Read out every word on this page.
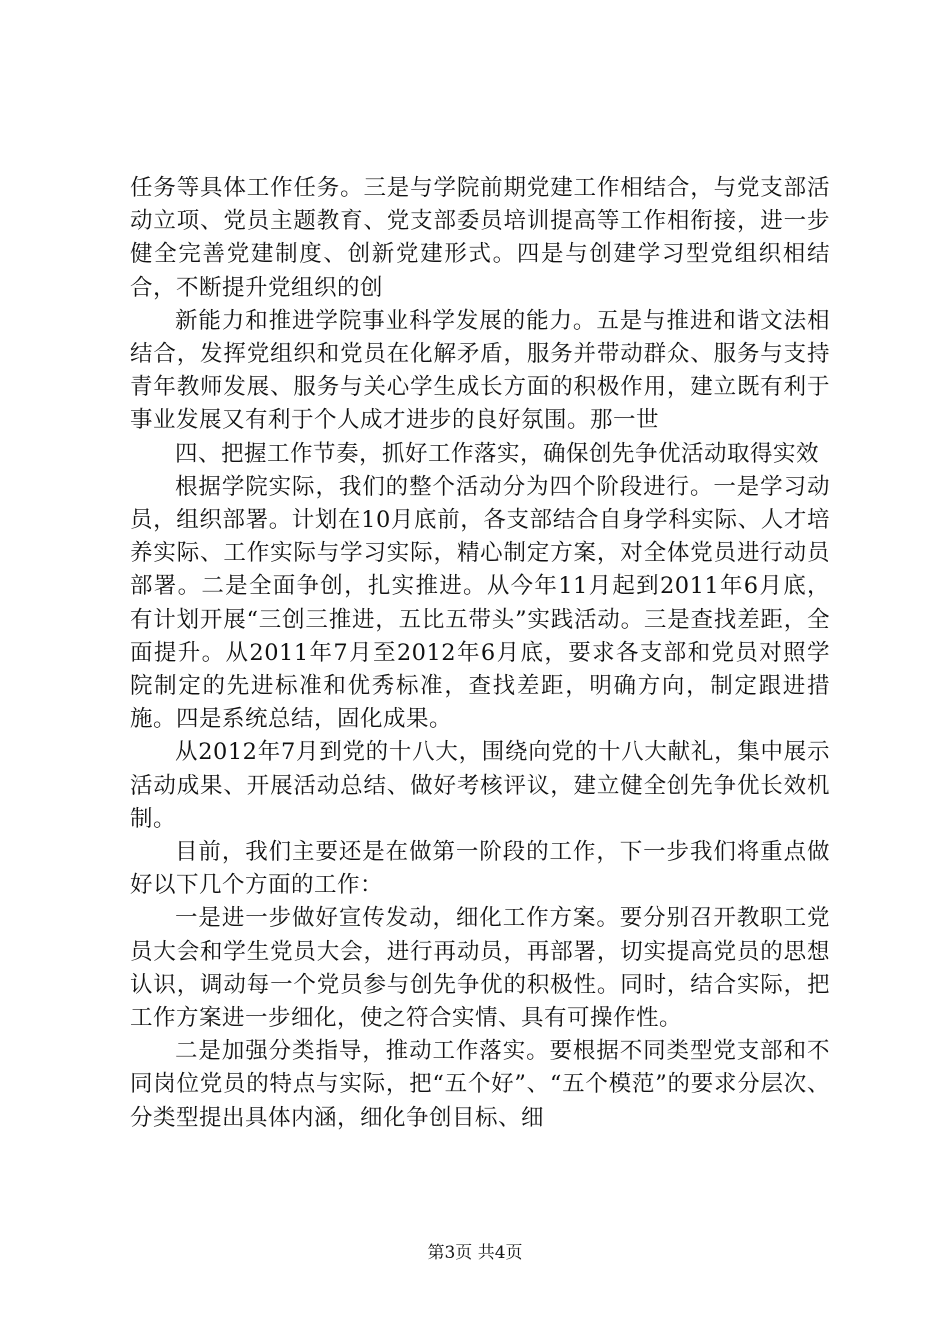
任务等具体工作任务。三是与学院前期党建工作相结合，与党支部活动立项、党员主题教育、党支部委员培训提高等工作相衔接，进一步健全完善党建制度、创新党建形式。四是与创建学习型党组织相结合，不断提升党组织的创

新能力和推进学院事业科学发展的能力。五是与推进和谐文法相结合，发挥党组织和党员在化解矛盾，服务并带动群众、服务与支持青年教师发展、服务与关心学生成长方面的积极作用，建立既有利于事业发展又有利于个人成才进步的良好氛围。那一世

四、把握工作节奏，抓好工作落实，确保创先争优活动取得实效

根据学院实际，我们的整个活动分为四个阶段进行。一是学习动员，组织部署。计划在10月底前，各支部结合自身学科实际、人才培养实际、工作实际与学习实际，精心制定方案，对全体党员进行动员部署。二是全面争创，扎实推进。从今年11月起到2011年6月底，有计划开展“三创三推进，五比五带头”实践活动。三是查找差距，全面提升。从2011年7月至2012年6月底，要求各支部和党员对照学院制定的先进标准和优秀标准，查找差距，明确方向，制定跟进措施。四是系统总结，固化成果。

从2012年7月到党的十八大，围绕向党的十八大献礼，集中展示活动成果、开展活动总结、做好考核评议，建立健全创先争优长效机制。

目前，我们主要还是在做第一阶段的工作，下一步我们将重点做好以下几个方面的工作：

一是进一步做好宣传发动，细化工作方案。要分别召开教职工党员大会和学生党员大会，进行再动员，再部署，切实提高党员的思想认识，调动每一个党员参与创先争优的积极性。同时，结合实际，把工作方案进一步细化，使之符合实情、具有可操作性。

二是加强分类指导，推动工作落实。要根据不同类型党支部和不同岗位党员的特点与实际，把“五个好”、“五个模范”的要求分层次、分类型提出具体内涵，细化争创目标、细

第3页 共4页
